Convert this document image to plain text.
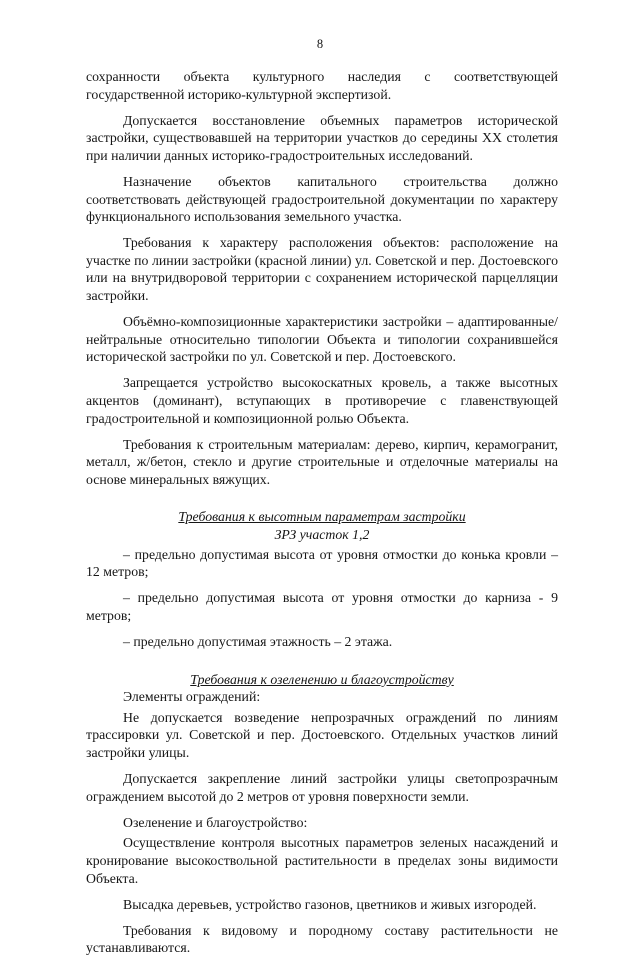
8

сохранности объекта культурного наследия с соответствующей государственной историко-культурной экспертизой.

Допускается восстановление объемных параметров исторической застройки, существовавшей на территории участков до середины XX столетия при наличии данных историко-градостроительных исследований.

Назначение объектов капитального строительства должно соответствовать действующей градостроительной документации по характеру функционального использования земельного участка.

Требования к характеру расположения объектов: расположение на участке по линии застройки (красной линии) ул. Советской и пер. Достоевского или на внутридворовой территории с сохранением исторической парцелляции застройки.

Объёмно-композиционные характеристики застройки – адаптированные/ нейтральные относительно типологии Объекта и типологии сохранившейся исторической застройки по ул. Советской и пер. Достоевского.

Запрещается устройство высокоскатных кровель, а также высотных акцентов (доминант), вступающих в противоречие с главенствующей градостроительной и композиционной ролью Объекта.

Требования к строительным материалам: дерево, кирпич, керамогранит, металл, ж/бетон, стекло и другие строительные и отделочные материалы на основе минеральных вяжущих.

Требования к высотным параметрам застройки
ЗРЗ участок 1,2

– предельно допустимая высота от уровня отмостки до конька кровли – 12 метров;

– предельно допустимая высота от уровня отмостки до карниза - 9 метров;

– предельно допустимая этажность – 2 этажа.

Требования к озеленению и благоустройству

Элементы ограждений:

Не допускается возведение непрозрачных ограждений по линиям трассировки ул. Советской и пер. Достоевского. Отдельных участков линий застройки улицы.

Допускается закрепление линий застройки улицы светопрозрачным ограждением высотой до 2 метров от уровня поверхности земли.

Озеленение и благоустройство:

Осуществление контроля высотных параметров зеленых насаждений и кронирование высокоствольной растительности в пределах зоны видимости Объекта.

Высадка деревьев, устройство газонов, цветников и живых изгородей.

Требования к видовому и породному составу растительности не устанавливаются.
